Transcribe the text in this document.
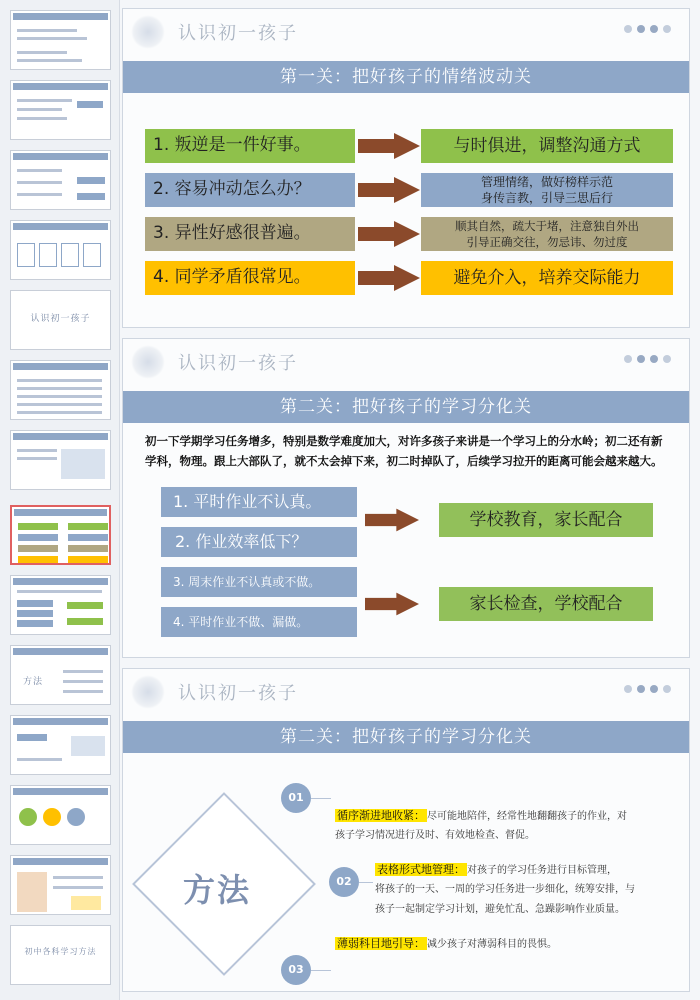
认识初一孩子
方法
初中各科学习方法
认识初一孩子
第一关：把好孩子的情绪波动关
1. 叛逆是一件好事。
2. 容易冲动怎么办？
3. 异性好感很普遍。
4. 同学矛盾很常见。
与时俱进，调整沟通方式
管理情绪，做好榜样示范
身传言教，引导三思后行
顺其自然，疏大于堵，注意独自外出
引导正确交往，勿忌讳、勿过度
避免介入，培养交际能力
认识初一孩子
第二关：把好孩子的学习分化关
初一下学期学习任务增多，特别是数学难度加大，对许多孩子来讲是一个学习上的分水岭；初二还有新学科，物理。跟上大部队了，就不太会掉下来，初二时掉队了，后续学习拉开的距离可能会越来越大。
1. 平时作业不认真。
2. 作业效率低下？
3. 周末作业不认真或不做。
4. 平时作业不做、漏做。
学校教育，家长配合
家长检查，学校配合
认识初一孩子
第二关：把好孩子的学习分化关
方法
01
循序渐进地收紧： 尽可能地陪伴，经常性地翻翻孩子的作业，对
孩子学习情况进行及时、有效地检查、督促。
02
表格形式地管理： 对孩子的学习任务进行目标管理，
将孩子的一天、一周的学习任务进一步细化，统筹安排，与
孩子一起制定学习计划，避免忙乱、急躁影响作业质量。
03
薄弱科目地引导： 减少孩子对薄弱科目的畏惧。
